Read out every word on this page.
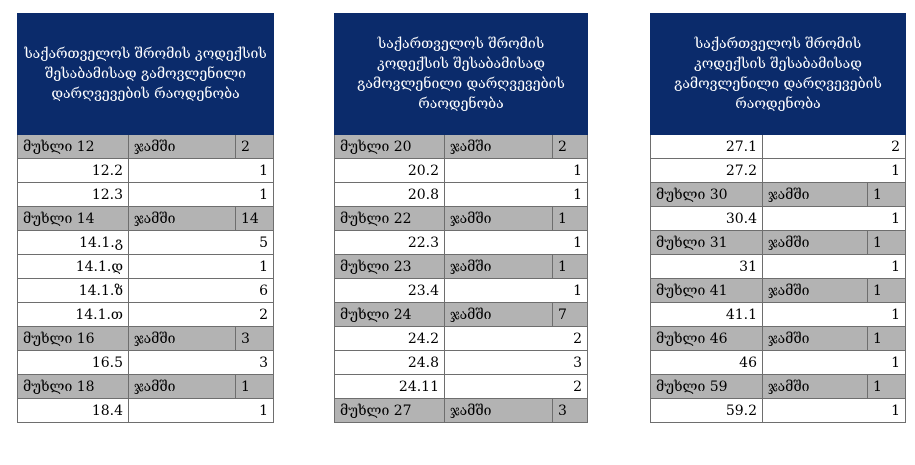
საქართველოს შრომის კოდექსის შესაბამისად გამოვლენილი დარღვევების რაოდენობა		
მუხლი 12	ჯამში	2
12.2	1	
12.3	1	
მუხლი 14	ჯამში	14
14.1.გ	5	
14.1.დ	1	
14.1.ზ	6	
14.1.თ	2	
მუხლი 16	ჯამში	3
16.5	3	
მუხლი 18	ჯამში	1
18.4	1	
საქართველოს შრომის კოდექსის შესაბამისად გამოვლენილი დარღვევების რაოდენობა		
მუხლი 20	ჯამში	2
20.2	1	
20.8	1	
მუხლი 22	ჯამში	1
22.3	1	
მუხლი 23	ჯამში	1
23.4	1	
მუხლი 24	ჯამში	7
24.2	2	
24.8	3	
24.11	2	
მუხლი 27	ჯამში	3
საქართველოს შრომის კოდექსის შესაბამისად გამოვლენილი დარღვევების რაოდენობა		
27.1	2	
27.2	1	
მუხლი 30	ჯამში	1
30.4	1	
მუხლი 31	ჯამში	1
31	1	
მუხლი 41	ჯამში	1
41.1	1	
მუხლი 46	ჯამში	1
46	1	
მუხლი 59	ჯამში	1
59.2	1	
